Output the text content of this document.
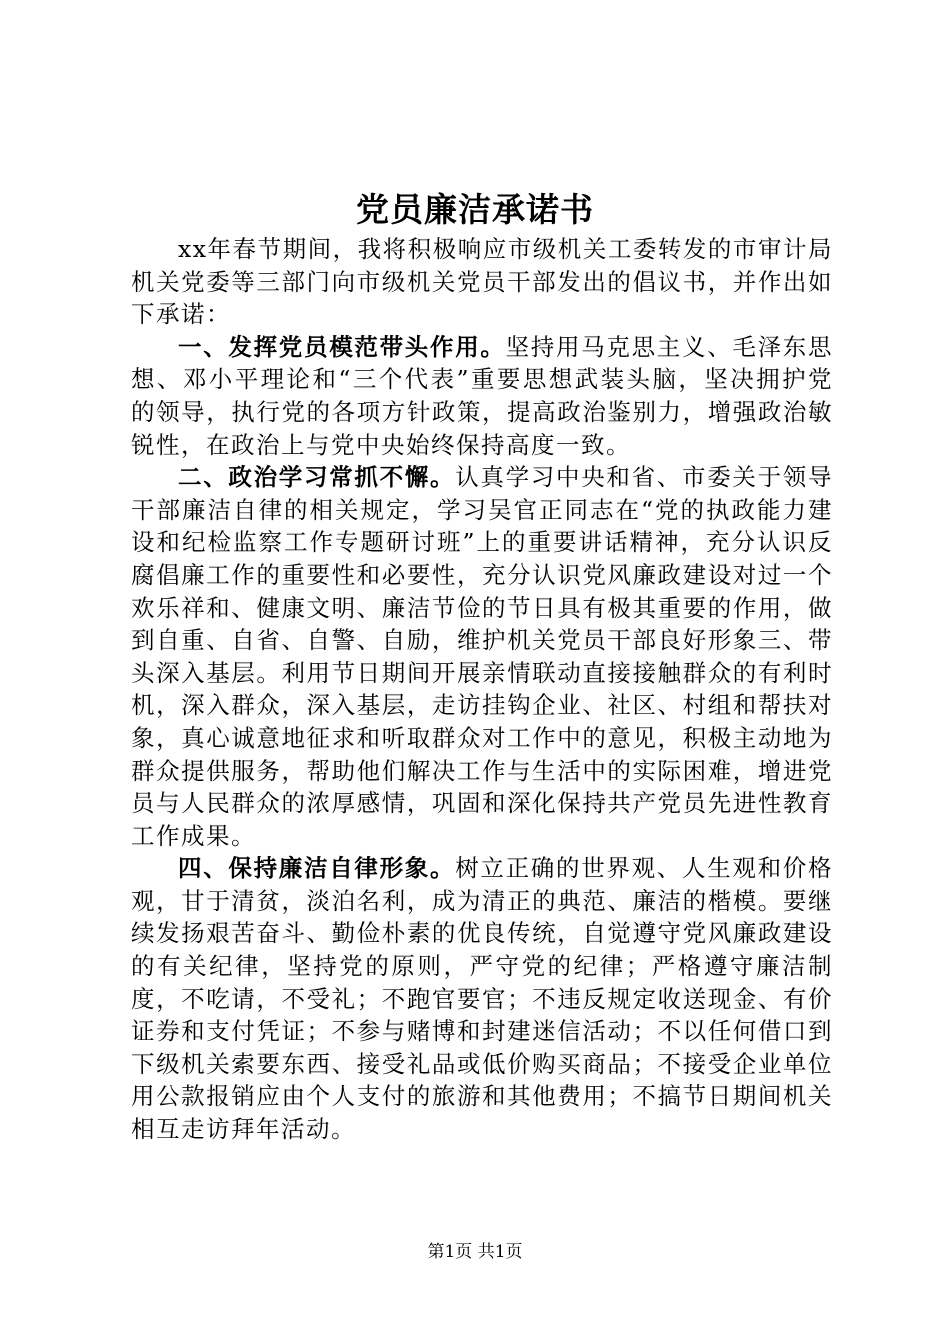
党员廉洁承诺书

xx年春节期间，我将积极响应市级机关工委转发的市审计局机关党委等三部门向市级机关党员干部发出的倡议书，并作出如下承诺：

一、发挥党员模范带头作用。坚持用马克思主义、毛泽东思想、邓小平理论和“三个代表”重要思想武装头脑，坚决拥护党的领导，执行党的各项方针政策，提高政治鉴别力，增强政治敏锐性，在政治上与党中央始终保持高度一致。

二、政治学习常抓不懈。认真学习中央和省、市委关于领导干部廉洁自律的相关规定，学习吴官正同志在“党的执政能力建设和纪检监察工作专题研讨班”上的重要讲话精神，充分认识反腐倡廉工作的重要性和必要性，充分认识党风廉政建设对过一个欢乐祥和、健康文明、廉洁节俭的节日具有极其重要的作用，做到自重、自省、自警、自励，维护机关党员干部良好形象三、带头深入基层。利用节日期间开展亲情联动直接接触群众的有利时机，深入群众，深入基层，走访挂钩企业、社区、村组和帮扶对象，真心诚意地征求和听取群众对工作中的意见，积极主动地为群众提供服务，帮助他们解决工作与生活中的实际困难，增进党员与人民群众的浓厚感情，巩固和深化保持共产党员先进性教育工作成果。

四、保持廉洁自律形象。树立正确的世界观、人生观和价格观，甘于清贫，淡泊名利，成为清正的典范、廉洁的楷模。要继续发扬艰苦奋斗、勤俭朴素的优良传统，自觉遵守党风廉政建设的有关纪律，坚持党的原则，严守党的纪律；严格遵守廉洁制度，不吃请，不受礼；不跑官要官；不违反规定收送现金、有价证券和支付凭证；不参与赌博和封建迷信活动；不以任何借口到下级机关索要东西、接受礼品或低价购买商品；不接受企业单位用公款报销应由个人支付的旅游和其他费用；不搞节日期间机关相互走访拜年活动。

第1页 共1页
